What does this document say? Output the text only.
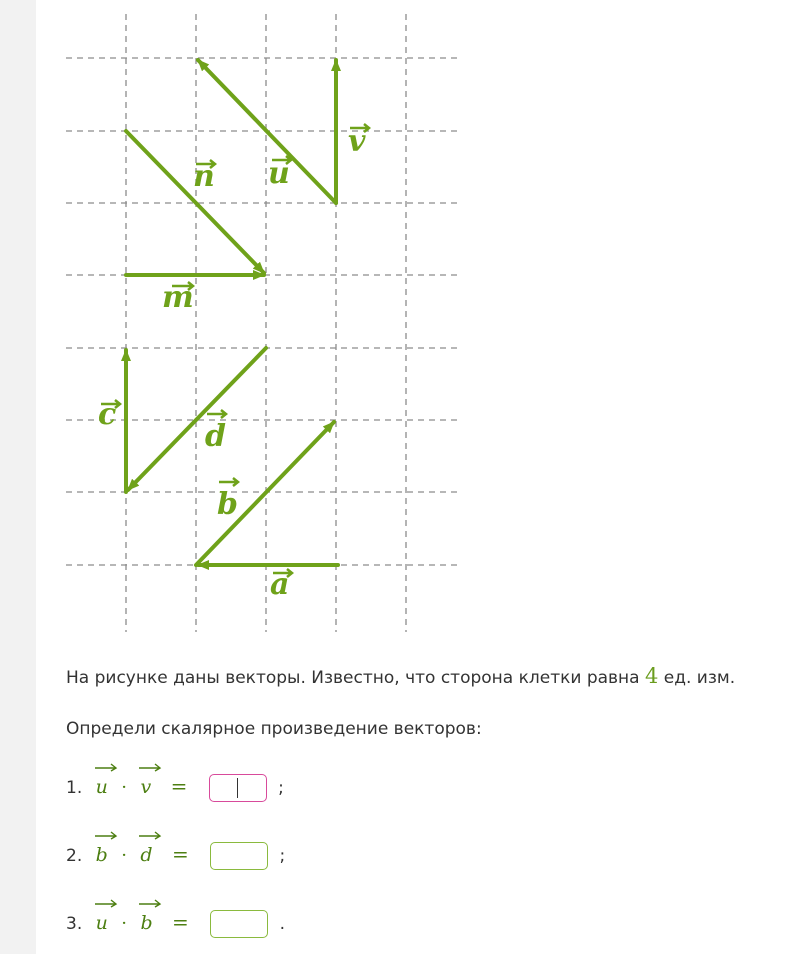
m
n u
v
c
d
b
a
На рисунке даны векторы. Известно, что сторона клетки равна 4 ед. изм.
Определи скалярное произведение векторов:
1. u · v =	;
2. b · d =	;
3. u · b =	.
